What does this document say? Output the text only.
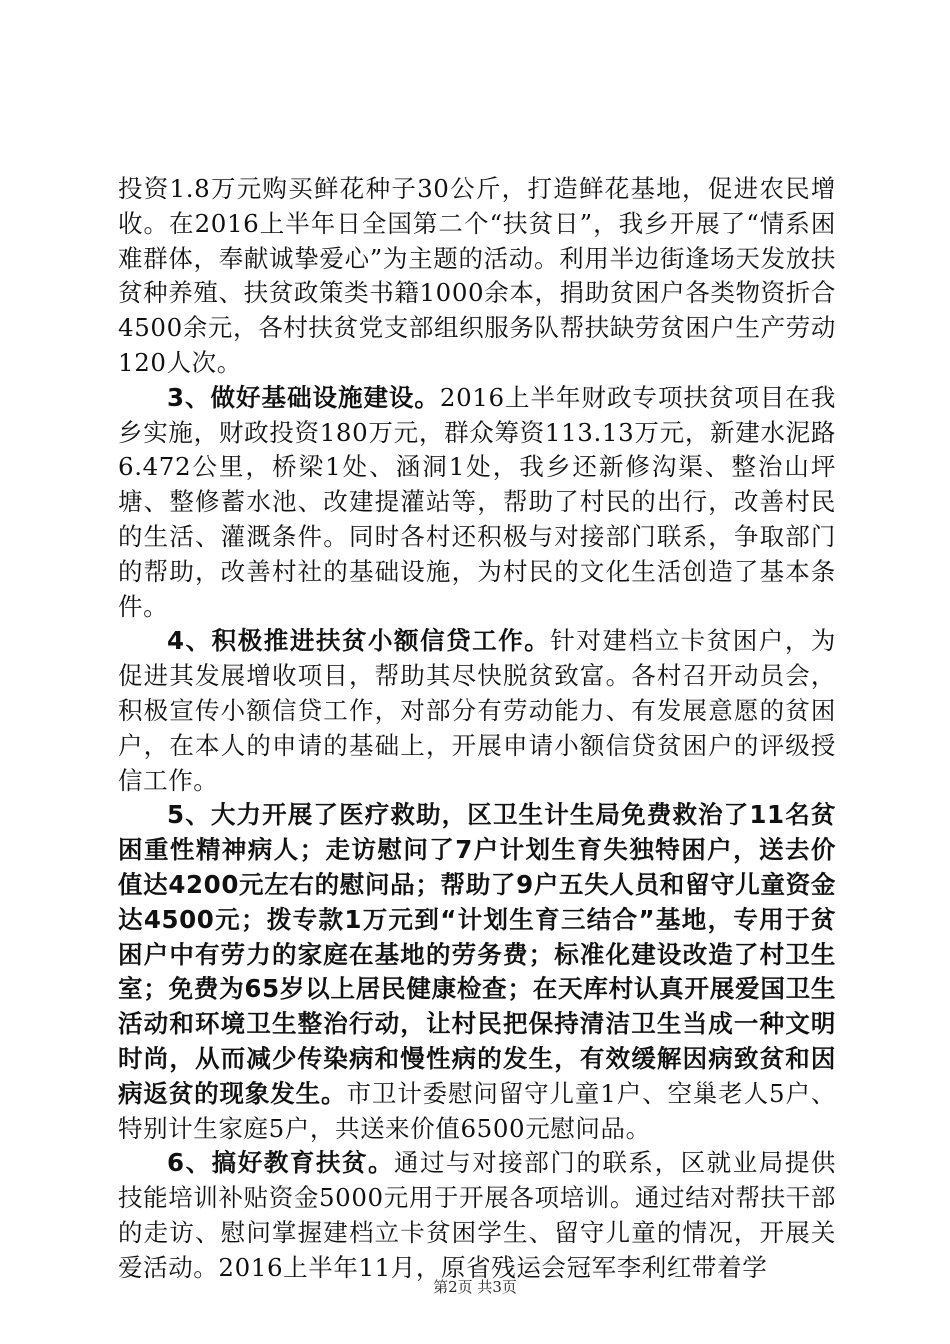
投资1.8万元购买鲜花种子30公斤，打造鲜花基地，促进农民增收。在2016上半年日全国第二个“扶贫日”，我乡开展了“情系困难群体，奉献诚挚爱心”为主题的活动。利用半边街逢场天发放扶贫种养殖、扶贫政策类书籍1000余本，捐助贫困户各类物资折合4500余元，各村扶贫党支部组织服务队帮扶缺劳贫困户生产劳动120人次。

3、做好基础设施建设。2016上半年财政专项扶贫项目在我乡实施，财政投资180万元，群众筹资113.13万元，新建水泥路6.472公里，桥梁1处、涵洞1处，我乡还新修沟渠、整治山坪塘、整修蓄水池、改建提灌站等，帮助了村民的出行，改善村民的生活、灌溉条件。同时各村还积极与对接部门联系，争取部门的帮助，改善村社的基础设施，为村民的文化生活创造了基本条件。

4、积极推进扶贫小额信贷工作。针对建档立卡贫困户，为促进其发展增收项目，帮助其尽快脱贫致富。各村召开动员会，积极宣传小额信贷工作，对部分有劳动能力、有发展意愿的贫困户，在本人的申请的基础上，开展申请小额信贷贫困户的评级授信工作。

5、大力开展了医疗救助，区卫生计生局免费救治了11名贫困重性精神病人；走访慰问了7户计划生育失独特困户，送去价值达4200元左右的慰问品；帮助了9户五失人员和留守儿童资金达4500元；拨专款1万元到“计划生育三结合”基地，专用于贫困户中有劳力的家庭在基地的劳务费；标准化建设改造了村卫生室；免费为65岁以上居民健康检查；在天库村认真开展爱国卫生活动和环境卫生整治行动，让村民把保持清洁卫生当成一种文明时尚，从而减少传染病和慢性病的发生，有效缓解因病致贫和因病返贫的现象发生。市卫计委慰问留守儿童1户、空巢老人5户、特别计生家庭5户，共送来价值6500元慰问品。

6、搞好教育扶贫。通过与对接部门的联系，区就业局提供技能培训补贴资金5000元用于开展各项培训。通过结对帮扶干部的走访、慰问掌握建档立卡贫困学生、留守儿童的情况，开展关爱活动。2016上半年11月，原省残运会冠军李利红带着学

第2页 共3页
